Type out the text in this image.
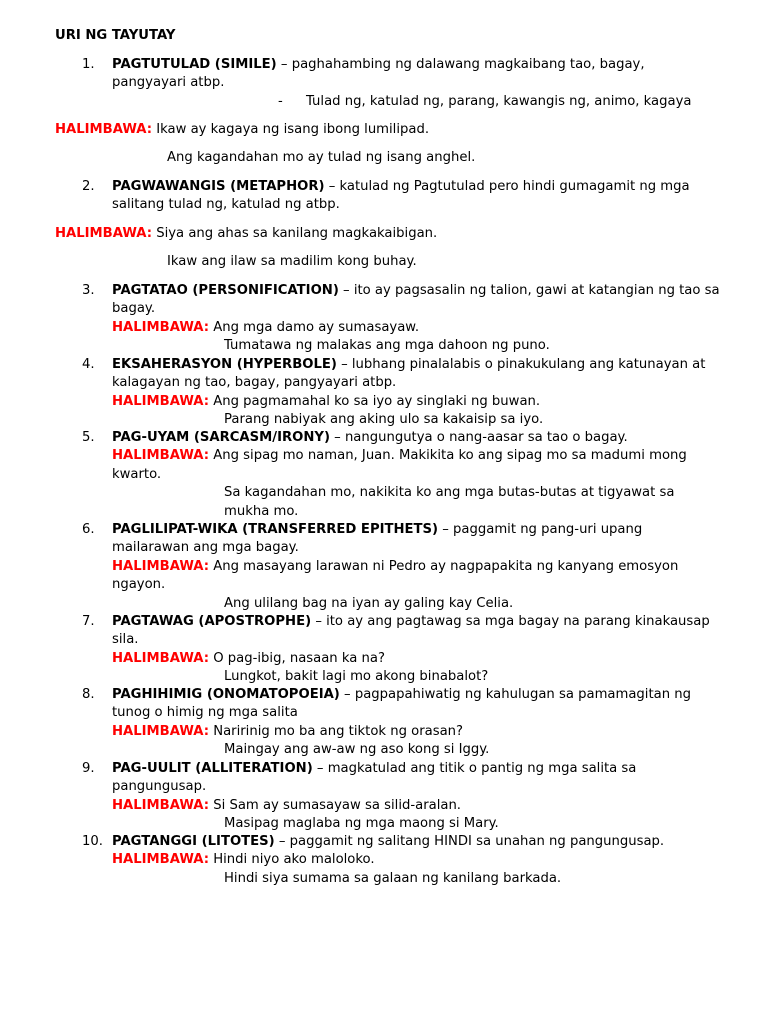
URI NG TAYUTAY
1. PAGTUTULAD (SIMILE) – paghahambing ng dalawang magkaibang tao, bagay, pangyayari atbp.
- Tulad ng, katulad ng, parang, kawangis ng, animo, kagaya
HALIMBAWA: Ikaw ay kagaya ng isang ibong lumilipad.
Ang kagandahan mo ay tulad ng isang anghel.
2. PAGWAWANGIS (METAPHOR) – katulad ng Pagtutulad pero hindi gumagamit ng mga salitang tulad ng, katulad ng atbp.
HALIMBAWA: Siya ang ahas sa kanilang magkakaibigan.
Ikaw ang ilaw sa madilim kong buhay.
3. PAGTATAO (PERSONIFICATION) – ito ay pagsasalin ng talion, gawi at katangian ng tao sa bagay.
HALIMBAWA: Ang mga damo ay sumasayaw.
Tumatawa ng malakas ang mga dahoon ng puno.
4. EKSAHERASYON (HYPERBOLE) – lubhang pinalalabis o pinakukulang ang katunayan at kalagayan ng tao, bagay, pangyayari atbp.
HALIMBAWA: Ang pagmamahal ko sa iyo ay singlaki ng buwan.
Parang nabiyak ang aking ulo sa kakaisip sa iyo.
5. PAG-UYAM (SARCASM/IRONY) – nangungutya o nang-aasar sa tao o bagay.
HALIMBAWA: Ang sipag mo naman, Juan. Makikita ko ang sipag mo sa madumi mong kwarto.
Sa kagandahan mo, nakikita ko ang mga butas-butas at tigyawat sa mukha mo.
6. PAGLILIPAT-WIKA (TRANSFERRED EPITHETS) – paggamit ng pang-uri upang mailarawan ang mga bagay.
HALIMBAWA: Ang masayang larawan ni Pedro ay nagpapakita ng kanyang emosyon ngayon.
Ang ulilang bag na iyan ay galing kay Celia.
7. PAGTAWAG (APOSTROPHE) – ito ay ang pagtawag sa mga bagay na parang kinakausap sila.
HALIMBAWA: O pag-ibig, nasaan ka na?
Lungkot, bakit lagi mo akong binabalot?
8. PAGHIHIMIG (ONOMATOPOEIA) – pagpapahiwatig ng kahulugan sa pamamagitan ng tunog o himig ng mga salita
HALIMBAWA: Naririnig mo ba ang tiktok ng orasan?
Maingay ang aw-aw ng aso kong si Iggy.
9. PAG-UULIT (ALLITERATION) – magkatulad ang titik o pantig ng mga salita sa pangungusap.
HALIMBAWA: Si Sam ay sumasayaw sa silid-aralan.
Masipag maglaba ng mga maong si Mary.
10. PAGTANGGI (LITOTES) – paggamit ng salitang HINDI sa unahan ng pangungusap.
HALIMBAWA: Hindi niyo ako maloloko.
Hindi siya sumama sa galaan ng kanilang barkada.
